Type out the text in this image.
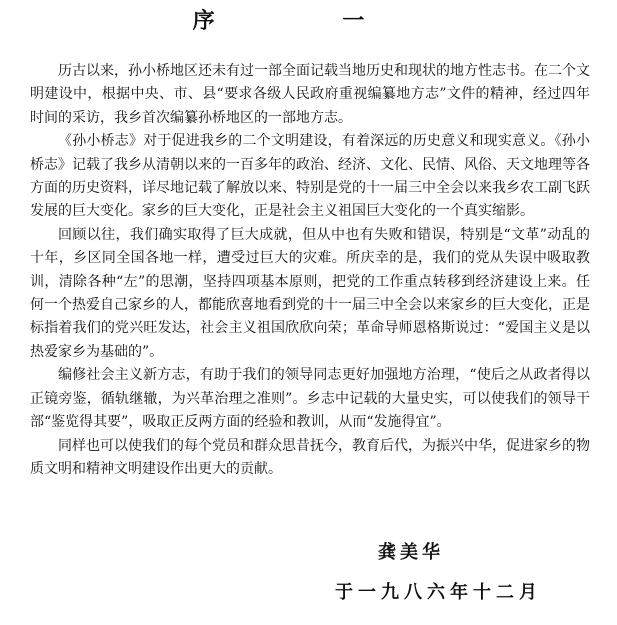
序 一

历古以来，孙小桥地区还未有过一部全面记载当地历史和现状的地方性志书。在二个文明建设中，根据中央、市、县“要求各级人民政府重视编纂地方志”文件的精神，经过四年时间的采访，我乡首次编纂孙桥地区的一部地方志。

《孙小桥志》对于促进我乡的二个文明建设，有着深远的历史意义和现实意义。《孙小桥志》记载了我乡从清朝以来的一百多年的政治、经济、文化、民情、风俗、天文地理等各方面的历史资料，详尽地记载了解放以来、特别是党的十一届三中全会以来我乡农工副飞跃发展的巨大变化。家乡的巨大变化，正是社会主义祖国巨大变化的一个真实缩影。

回顾以往，我们确实取得了巨大成就，但从中也有失败和错误，特别是“文革”动乱的十年，乡区同全国各地一样，遭受过巨大的灾难。所庆幸的是，我们的党从失误中吸取教训，清除各种“左”的思潮，坚持四项基本原则，把党的工作重点转移到经济建设上来。任何一个热爱自己家乡的人，都能欣喜地看到党的十一届三中全会以来家乡的巨大变化，正是标指着我们的党兴旺发达，社会主义祖国欣欣向荣；革命导师恩格斯说过：“爱国主义是以热爱家乡为基础的”。

编修社会主义新方志，有助于我们的领导同志更好加强地方治理，“使后之从政者得以正镜旁鉴，循轨继辙，为兴革治理之准则”。乡志中记载的大量史实，可以使我们的领导干部“鉴览得其要”，吸取正反两方面的经验和教训，从而“发施得宜”。

同样也可以使我们的每个党员和群众思昔抚今，教育后代，为振兴中华，促进家乡的物质文明和精神文明建设作出更大的贡献。

龚美华
于一九八六年十二月
